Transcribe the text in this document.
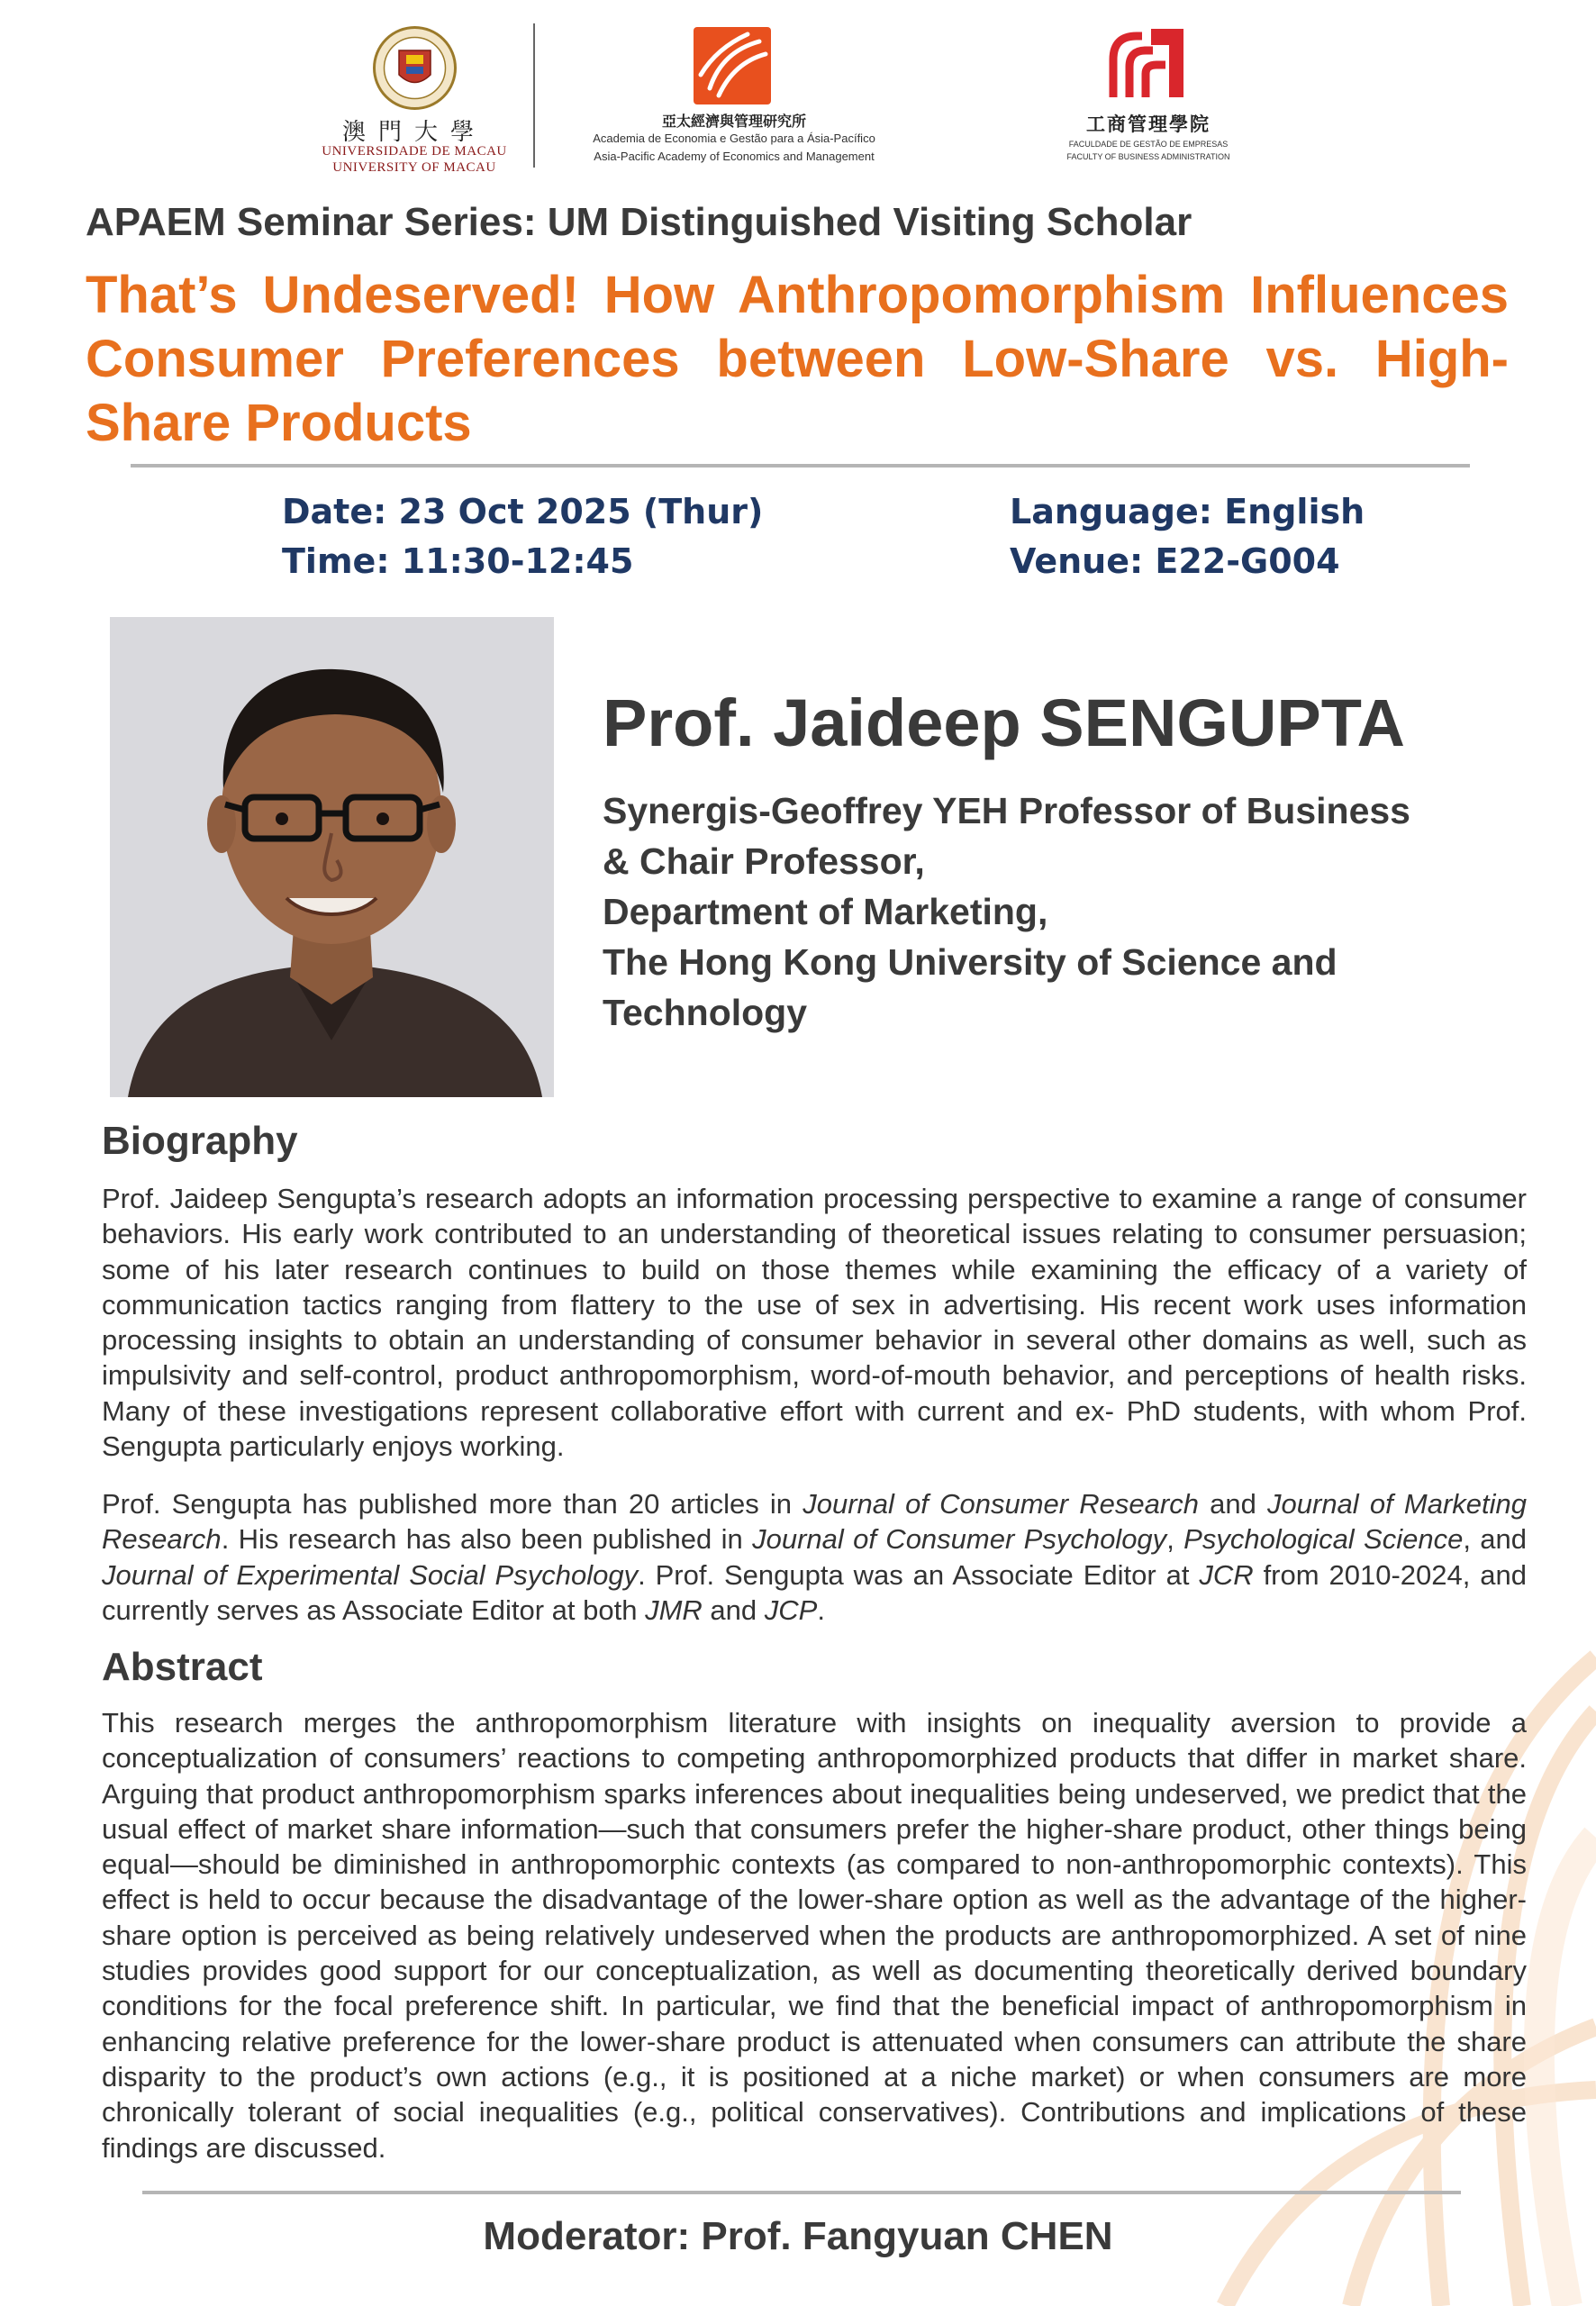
澳門大學
UNIVERSIDADE DE MACAU
UNIVERSITY OF MACAU
亞太經濟與管理研究所
Academia de Economia e Gestão para a Ásia-Pacífico
Asia-Pacific Academy of Economics and Management
工商管理學院
FACULDADE DE GESTÃO DE EMPRESAS
FACULTY OF BUSINESS ADMINISTRATION
APAEM Seminar Series: UM Distinguished Visiting Scholar
That’s Undeserved! How Anthropomorphism Influences Consumer Preferences between Low-Share vs. High-Share Products
Date: 23 Oct 2025 (Thur)
Time: 11:30-12:45
Language: English
Venue: E22-G004
Prof. Jaideep SENGUPTA
Synergis-Geoffrey YEH Professor of Business
& Chair Professor,
Department of Marketing,
The Hong Kong University of Science and
Technology
Biography

Prof. Jaideep Sengupta’s research adopts an information processing perspective to examine a range of consumer behaviors. His early work contributed to an understanding of theoretical issues relating to consumer persuasion; some of his later research continues to build on those themes while examining the efficacy of a variety of communication tactics ranging from flattery to the use of sex in advertising. His recent work uses information processing insights to obtain an understanding of consumer behavior in several other domains as well, such as impulsivity and self-control, product anthropomorphism, word-of-mouth behavior, and perceptions of health risks. Many of these investigations represent collaborative effort with current and ex- PhD students, with whom Prof. Sengupta particularly enjoys working.

Prof. Sengupta has published more than 20 articles in Journal of Consumer Research and Journal of Marketing Research. His research has also been published in Journal of Consumer Psychology, Psychological Science, and Journal of Experimental Social Psychology. Prof. Sengupta was an Associate Editor at JCR from 2010-2024, and currently serves as Associate Editor at both JMR and JCP.

Abstract

This research merges the anthropomorphism literature with insights on inequality aversion to provide a conceptualization of consumers’ reactions to competing anthropomorphized products that differ in market share. Arguing that product anthropomorphism sparks inferences about inequalities being undeserved, we predict that the usual effect of market share information—such that consumers prefer the higher-share product, other things being equal—should be diminished in anthropomorphic contexts (as compared to non-anthropomorphic contexts). This effect is held to occur because the disadvantage of the lower-share option as well as the advantage of the higher-share option is perceived as being relatively undeserved when the products are anthropomorphized. A set of nine studies provides good support for our conceptualization, as well as documenting theoretically derived boundary conditions for the focal preference shift. In particular, we find that the beneficial impact of anthropomorphism in enhancing relative preference for the lower-share product is attenuated when consumers can attribute the share disparity to the product’s own actions (e.g., it is positioned at a niche market) or when consumers are more chronically tolerant of social inequalities (e.g., political conservatives). Contributions and implications of these findings are discussed.

Moderator: Prof. Fangyuan CHEN
